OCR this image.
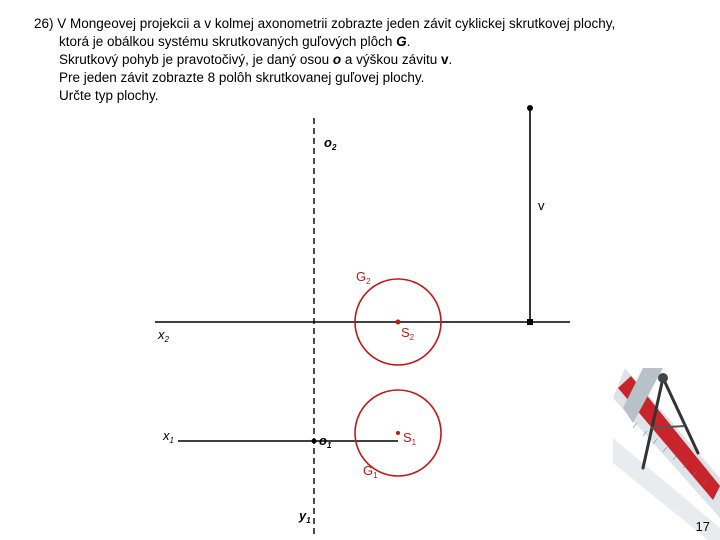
26) V Mongeovej projekcii a v kolmej axonometrii zobrazte jeden závit cyklickej skrutkovej plochy,
ktorá je obálkou systému skrutkovaných guľových plôch G.
Skrutkový pohyb je pravotočivý, je daný osou o a výškou závitu v.
Pre jeden závit zobrazte 8 polôh skrutkovanej guľovej plochy.
Určte typ plochy.
$o_2$
v
$G_2$
$x_2$	$S_2$
$x_1$	$o_1$
$S_1$
$G_1$
$y_1$	17
